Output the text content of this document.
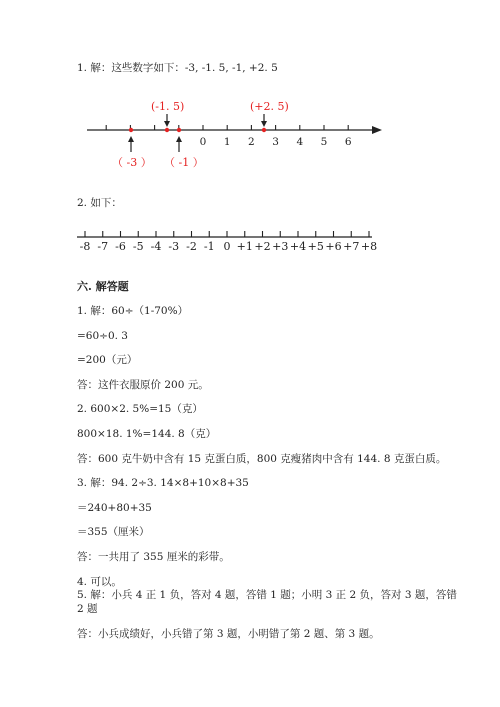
1. 解：这些数字如下：-3, -1. 5, -1, +2. 5
0 1 2 3 4 5 6
(-1. 5)	(+2. 5)
（ -3 ） （ -1 ）
2. 如下：
-8 -7 -6 -5 -4 -3 -2 -1 0 +1 +2 +3 +4 +5 +6 +7 +8
六. 解答题
1. 解：60÷（1-70%）
=60÷0. 3
=200（元）
答：这件衣服原价 200 元。
2. 600×2. 5%=15（克）
800×18. 1%=144. 8（克）
答：600 克牛奶中含有 15 克蛋白质，800 克瘦猪肉中含有 144. 8 克蛋白质。
3. 解：94. 2÷3. 14×8+10×8+35
＝240+80+35
＝355（厘米）
答：一共用了 355 厘米的彩带。
4. 可以。
5. 解：小兵 4 正 1 负，答对 4 题，答错 1 题；小明 3 正 2 负，答对 3 题，答错
2 题
答：小兵成绩好，小兵错了第 3 题，小明错了第 2 题、第 3 题。
